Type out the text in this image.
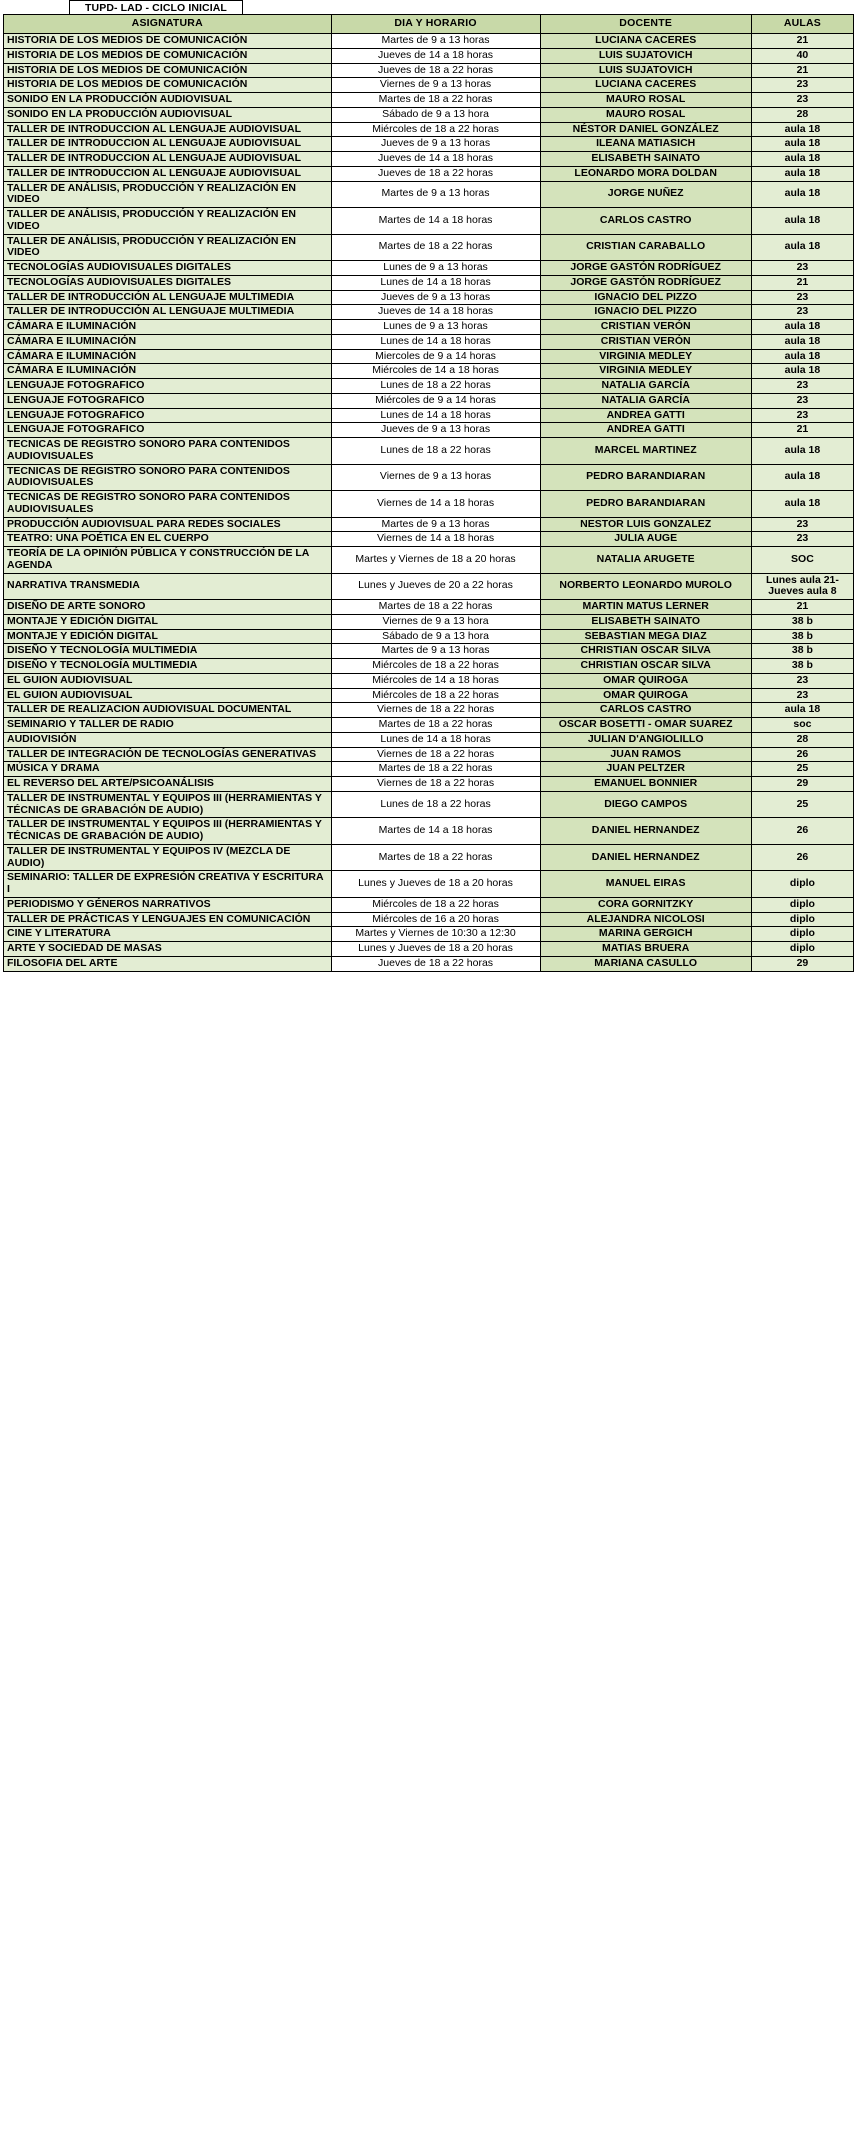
TUPD- LAD - CICLO INICIAL
ASIGNATURA	DIA Y HORARIO	DOCENTE	AULAS
HISTORIA DE LOS MEDIOS DE COMUNICACIÓN	Martes de 9 a 13 horas	LUCIANA CACERES	21
HISTORIA DE LOS MEDIOS DE COMUNICACIÓN	Jueves de 14 a 18 horas	LUIS SUJATOVICH	40
HISTORIA DE LOS MEDIOS DE COMUNICACIÓN	Jueves de 18 a 22 horas	LUIS SUJATOVICH	21
HISTORIA DE LOS MEDIOS DE COMUNICACIÓN	Viernes de 9 a 13 horas	LUCIANA CACERES	23
SONIDO EN LA PRODUCCIÓN AUDIOVISUAL	Martes de 18 a 22 horas	MAURO ROSAL	23
SONIDO EN LA PRODUCCIÓN AUDIOVISUAL	Sábado de 9 a 13 hora	MAURO ROSAL	28
TALLER DE INTRODUCCION AL LENGUAJE AUDIOVISUAL	Miércoles de 18 a 22 horas	NÉSTOR DANIEL GONZÁLEZ	aula 18
TALLER DE INTRODUCCION AL LENGUAJE AUDIOVISUAL	Jueves de 9 a 13 horas	ILEANA MATIASICH	aula 18
TALLER DE INTRODUCCION AL LENGUAJE AUDIOVISUAL	Jueves de 14 a 18 horas	ELISABETH SAINATO	aula 18
TALLER DE INTRODUCCION AL LENGUAJE AUDIOVISUAL	Jueves de 18 a 22 horas	LEONARDO MORA DOLDAN	aula 18
TALLER DE ANÁLISIS, PRODUCCIÓN Y REALIZACIÓN EN VIDEO	Martes de 9 a 13 horas	JORGE NUÑEZ	aula 18
TALLER DE ANÁLISIS, PRODUCCIÓN Y REALIZACIÓN EN VIDEO	Martes de 14 a 18 horas	CARLOS CASTRO	aula 18
TALLER DE ANÁLISIS, PRODUCCIÓN Y REALIZACIÓN EN VIDEO	Martes de 18 a 22 horas	CRISTIAN CARABALLO	aula 18
TECNOLOGÍAS AUDIOVISUALES DIGITALES	Lunes de 9 a 13 horas	JORGE GASTÓN RODRÍGUEZ	23
TECNOLOGÍAS AUDIOVISUALES DIGITALES	Lunes de 14 a 18 horas	JORGE GASTÓN RODRÍGUEZ	21
TALLER DE INTRODUCCIÓN AL LENGUAJE MULTIMEDIA	Jueves de 9 a 13 horas	IGNACIO DEL PIZZO	23
TALLER DE INTRODUCCIÓN AL LENGUAJE MULTIMEDIA	Jueves de 14 a 18 horas	IGNACIO DEL PIZZO	23
CÁMARA E ILUMINACIÓN	Lunes de 9 a 13 horas	CRISTIAN VERÓN	aula 18
CÁMARA E ILUMINACIÓN	Lunes de 14 a 18 horas	CRISTIAN VERÓN	aula 18
CÁMARA E ILUMINACIÓN	Miercoles de 9 a 14 horas	VIRGINIA MEDLEY	aula 18
CÁMARA E ILUMINACIÓN	Miércoles de 14 a 18 horas	VIRGINIA MEDLEY	aula 18
LENGUAJE FOTOGRAFICO	Lunes de 18 a 22 horas	NATALIA GARCÍA	23
LENGUAJE FOTOGRAFICO	Miércoles de 9 a 14 horas	NATALIA GARCÍA	23
LENGUAJE FOTOGRAFICO	Lunes de 14 a 18 horas	ANDREA GATTI	23
LENGUAJE FOTOGRAFICO	Jueves de 9 a 13 horas	ANDREA GATTI	21
TECNICAS DE REGISTRO SONORO PARA CONTENIDOS AUDIOVISUALES	Lunes de 18 a 22 horas	MARCEL MARTINEZ	aula 18
TECNICAS DE REGISTRO SONORO PARA CONTENIDOS AUDIOVISUALES	Viernes de 9 a 13 horas	PEDRO BARANDIARAN	aula 18
TECNICAS DE REGISTRO SONORO PARA CONTENIDOS AUDIOVISUALES	Viernes de 14 a 18 horas	PEDRO BARANDIARAN	aula 18
PRODUCCIÓN AUDIOVISUAL PARA REDES SOCIALES	Martes de 9 a 13 horas	NESTOR LUIS GONZALEZ	23
TEATRO: UNA POÉTICA EN EL CUERPO	Viernes de 14 a 18 horas	JULIA AUGE	23
TEORÍA DE LA OPINIÓN PÚBLICA Y CONSTRUCCIÓN DE LA AGENDA	Martes y Viernes de 18 a 20 horas	NATALIA ARUGETE	SOC
NARRATIVA TRANSMEDIA	Lunes y Jueves de 20 a 22 horas	NORBERTO LEONARDO MUROLO	Lunes aula 21- Jueves aula 8
DISEÑO DE ARTE SONORO	Martes de 18 a 22 horas	MARTIN MATUS LERNER	21
MONTAJE Y EDICIÓN DIGITAL	Viernes de 9 a 13 hora	ELISABETH SAINATO	38 b
MONTAJE Y EDICIÓN DIGITAL	Sábado de 9 a 13 hora	SEBASTIAN MEGA DIAZ	38 b
DISEÑO Y TECNOLOGÍA MULTIMEDIA	Martes de 9 a 13 horas	CHRISTIAN OSCAR SILVA	38 b
DISEÑO Y TECNOLOGÍA MULTIMEDIA	Miércoles de 18 a 22 horas	CHRISTIAN OSCAR SILVA	38 b
EL GUION AUDIOVISUAL	Miércoles de 14 a 18 horas	OMAR QUIROGA	23
EL GUION AUDIOVISUAL	Miércoles de 18 a 22 horas	OMAR QUIROGA	23
TALLER DE REALIZACION AUDIOVISUAL DOCUMENTAL	Viernes de 18 a 22 horas	CARLOS CASTRO	aula 18
SEMINARIO Y TALLER DE RADIO	Martes de 18 a 22 horas	OSCAR BOSETTI - OMAR SUAREZ	soc
AUDIOVISIÓN	Lunes de 14 a 18 horas	JULIAN D'ANGIOLILLO	28
TALLER DE INTEGRACIÓN DE TECNOLOGÍAS GENERATIVAS	Viernes de 18 a 22 horas	JUAN RAMOS	26
MÚSICA Y DRAMA	Martes de 18 a 22 horas	JUAN PELTZER	25
EL REVERSO DEL ARTE/PSICOANÁLISIS	Viernes de 18 a 22 horas	EMANUEL BONNIER	29
TALLER DE INSTRUMENTAL Y EQUIPOS III (HERRAMIENTAS Y TÉCNICAS DE GRABACIÓN DE AUDIO)	Lunes de 18 a 22 horas	DIEGO CAMPOS	25
TALLER DE INSTRUMENTAL Y EQUIPOS III (HERRAMIENTAS Y TÉCNICAS DE GRABACIÓN DE AUDIO)	Martes de 14 a 18 horas	DANIEL HERNANDEZ	26
TALLER DE INSTRUMENTAL Y EQUIPOS IV (MEZCLA DE AUDIO)	Martes de 18 a 22 horas	DANIEL HERNANDEZ	26
SEMINARIO: TALLER DE EXPRESIÓN CREATIVA Y ESCRITURA I	Lunes y Jueves de 18 a 20 horas	MANUEL EIRAS	diplo
PERIODISMO Y GÉNEROS NARRATIVOS	Miércoles de 18 a 22 horas	CORA GORNITZKY	diplo
TALLER DE PRÁCTICAS Y LENGUAJES EN COMUNICACIÓN	Miércoles de 16 a 20 horas	ALEJANDRA NICOLOSI	diplo
CINE Y LITERATURA	Martes y Viernes de 10:30 a 12:30	MARINA GERGICH	diplo
ARTE Y SOCIEDAD DE MASAS	Lunes y Jueves de 18 a 20 horas	MATIAS BRUERA	diplo
FILOSOFIA DEL ARTE	Jueves de 18 a 22 horas	MARIANA CASULLO	29
